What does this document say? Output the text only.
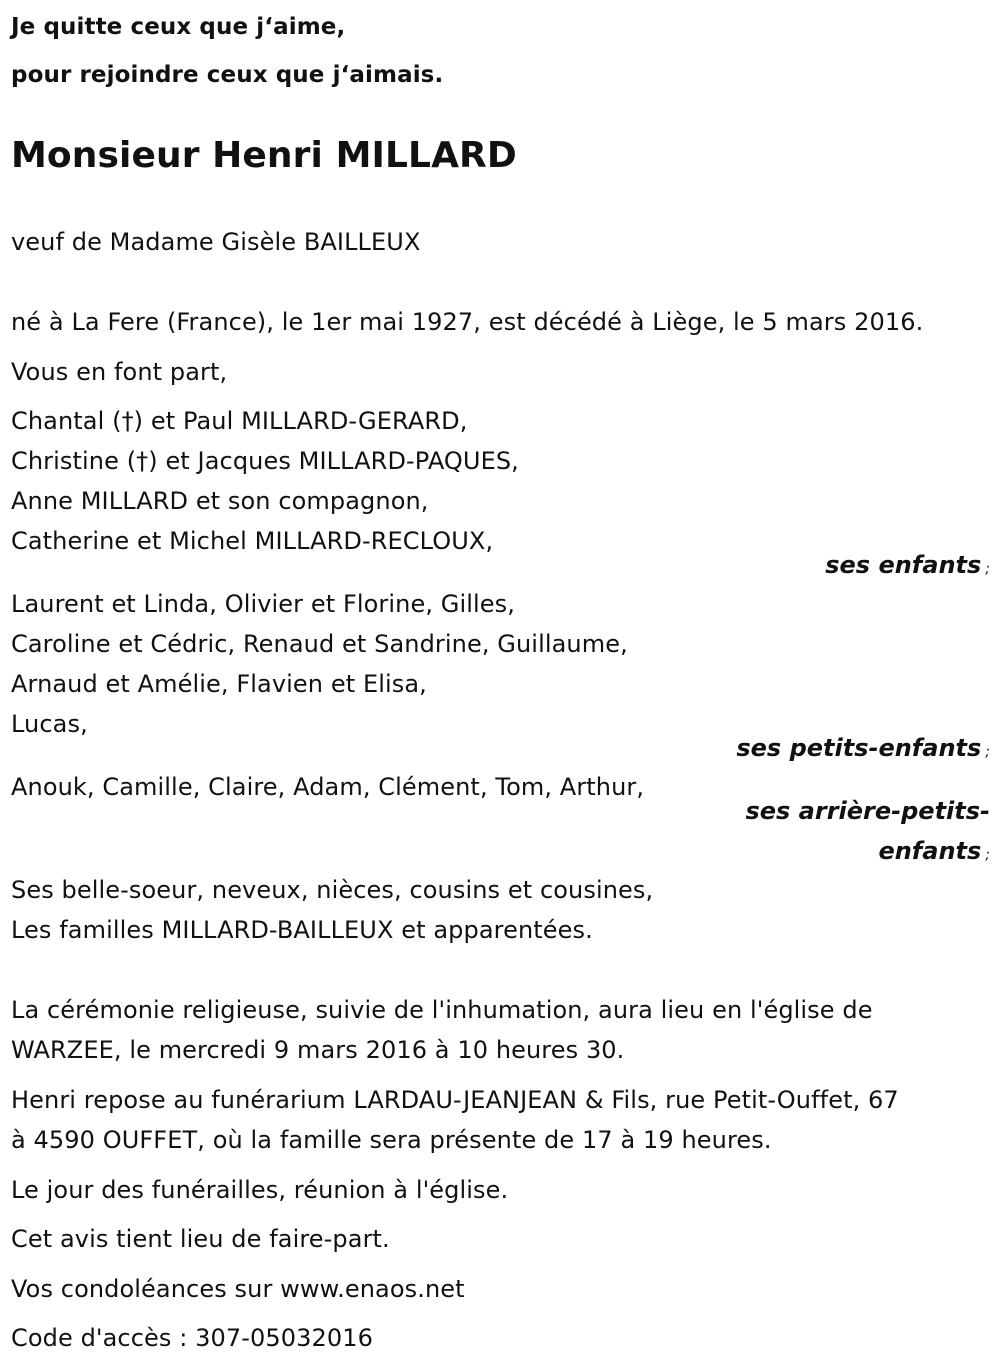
Je quitte ceux que j‘aime,
pour rejoindre ceux que j‘aimais.
Monsieur Henri MILLARD
veuf de Madame Gisèle BAILLEUX
né à La Fere (France), le 1er mai 1927, est décédé à Liège, le 5 mars 2016.
Vous en font part,
Chantal (†) et Paul MILLARD-GERARD,
Christine (†) et Jacques MILLARD-PAQUES,
Anne MILLARD et son compagnon,
Catherine et Michel MILLARD-RECLOUX,
ses enfants ;
Laurent et Linda, Olivier et Florine, Gilles,
Caroline et Cédric, Renaud et Sandrine, Guillaume,
Arnaud et Amélie, Flavien et Elisa,
Lucas,
ses petits-enfants ;
Anouk, Camille, Claire, Adam, Clément, Tom, Arthur,
ses arrière-petits-
enfants ;
Ses belle-soeur, neveux, nièces, cousins et cousines,
Les familles MILLARD-BAILLEUX et apparentées.
La cérémonie religieuse, suivie de l'inhumation, aura lieu en l'église de
WARZEE, le mercredi 9 mars 2016 à 10 heures 30.
Henri repose au funérarium LARDAU-JEANJEAN & Fils, rue Petit-Ouffet, 67
à 4590 OUFFET, où la famille sera présente de 17 à 19 heures.
Le jour des funérailles, réunion à l'église.
Cet avis tient lieu de faire-part.
Vos condoléances sur www.enaos.net
Code d'accès : 307-05032016
